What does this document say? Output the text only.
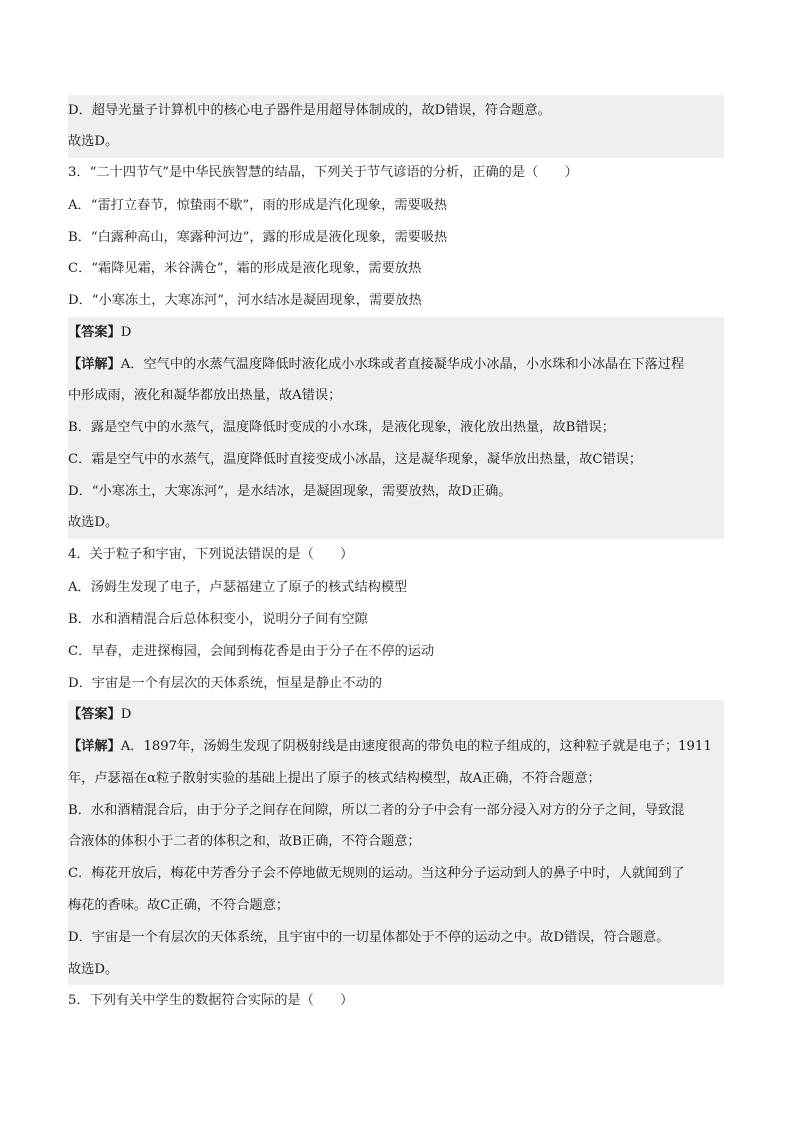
D．超导光量子计算机中的核心电子器件是用超导体制成的，故D错误，符合题意。
故选D。
3．“二十四节气”是中华民族智慧的结晶，下列关于节气谚语的分析，正确的是（　　）
A．“雷打立春节，惊蛰雨不歇”，雨的形成是汽化现象，需要吸热
B．“白露种高山，寒露种河边”，露的形成是液化现象，需要吸热
C．“霜降见霜，米谷满仓”，霜的形成是液化现象，需要放热
D．“小寒冻土，大寒冻河”，河水结冰是凝固现象，需要放热
【答案】D
【详解】A．空气中的水蒸气温度降低时液化成小水珠或者直接凝华成小冰晶，小水珠和小冰晶在下落过程
中形成雨，液化和凝华都放出热量，故A错误；
B．露是空气中的水蒸气，温度降低时变成的小水珠，是液化现象，液化放出热量，故B错误；
C．霜是空气中的水蒸气，温度降低时直接变成小冰晶，这是凝华现象，凝华放出热量，故C错误；
D．“小寒冻土，大寒冻河”，是水结冰，是凝固现象，需要放热，故D正确。
故选D。
4．关于粒子和宇宙，下列说法错误的是（　　）
A．汤姆生发现了电子，卢瑟福建立了原子的核式结构模型
B．水和酒精混合后总体积变小，说明分子间有空隙
C．早春，走进探梅园，会闻到梅花香是由于分子在不停的运动
D．宇宙是一个有层次的天体系统，恒星是静止不动的
【答案】D
【详解】A．1897年，汤姆生发现了阴极射线是由速度很高的带负电的粒子组成的，这种粒子就是电子；1911
年，卢瑟福在α粒子散射实验的基础上提出了原子的核式结构模型，故A正确，不符合题意；
B．水和酒精混合后，由于分子之间存在间隙，所以二者的分子中会有一部分浸入对方的分子之间，导致混
合液体的体积小于二者的体积之和，故B正确，不符合题意；
C．梅花开放后，梅花中芳香分子会不停地做无规则的运动。当这种分子运动到人的鼻子中时，人就闻到了
梅花的香味。故C正确，不符合题意；
D．宇宙是一个有层次的天体系统，且宇宙中的一切星体都处于不停的运动之中。故D错误，符合题意。
故选D。
5．下列有关中学生的数据符合实际的是（　　）
